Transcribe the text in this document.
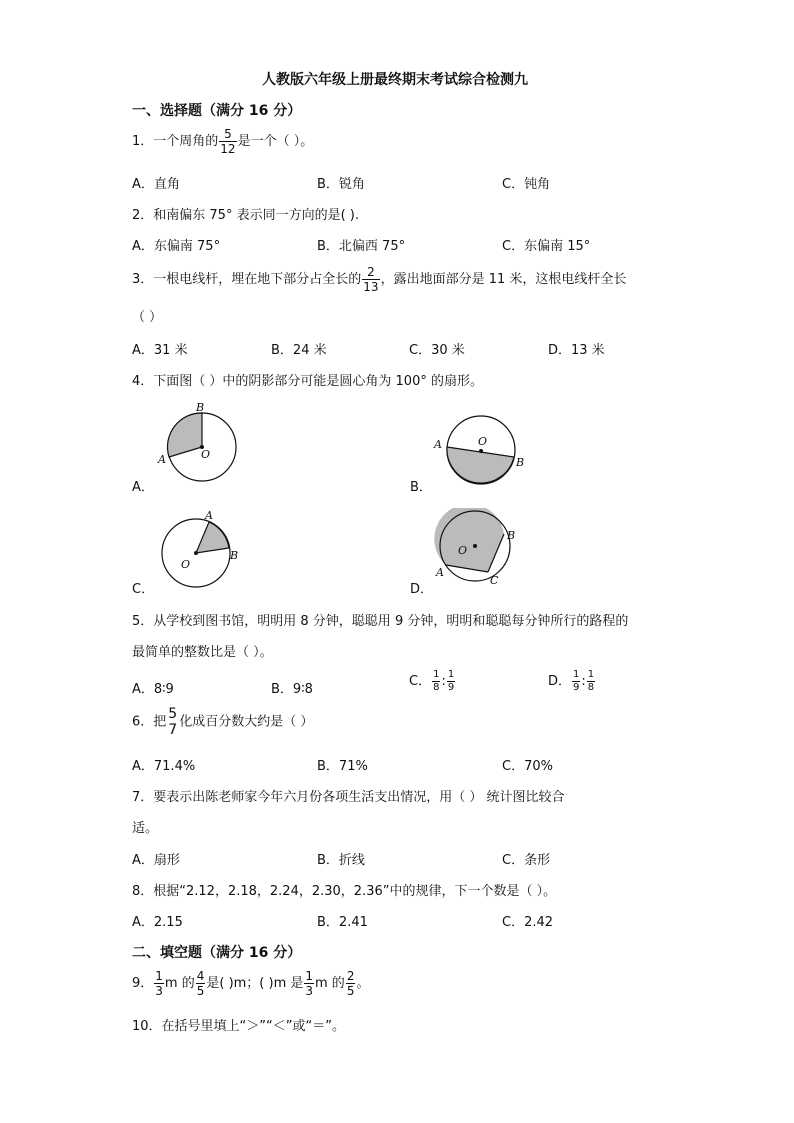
人教版六年级上册最终期末考试综合检测九
一、选择题（满分 16 分）
1．一个周角的 $\frac{5}{12}$ 是一个（ ）。
A．直角	B．锐角	C．钝角
2．和南偏东 75° 表示同一方向的是( ).
A．东偏南 75°	B．北偏西 75°	C．东偏南 15°
3．一根电线杆，埋在地下部分占全长的 $\frac{2}{13}$ ，露出地面部分是 11 米，这根电线杆全长
（ ）
A．31 米	B．24 米	C．30 米	D．13 米
4．下面图（ ）中的阴影部分可能是圆心角为 100° 的扇形。
B
A	O
A．
A	O
B
B．
A
B
O
C．
O
B
A
C
D．
5．从学校到图书馆，明明用 8 分钟，聪聪用 9 分钟，明明和聪聪每分钟所行的路程的
最简单的整数比是（ ）。
A．8∶9	B．9∶8
C． $\frac{1}{8}$ : $\frac{1}{9}$	D． $\frac{1}{9}$ : $\frac{1}{8}$
6．把 5
7 化成百分数大约是（ ）
A．71.4%	B．71%	C．70%
7．要表示出陈老师家今年六月份各项生活支出情况，用（ ） 统计图比较合
适。
A．扇形	B．折线	C．条形
8．根据“2.12，2.18，2.24，2.30，2.36”中的规律，下一个数是（ ）。
A．2.15	B．2.41	C．2.42
二、填空题（满分 16 分）
9． $\frac{1}{3}$ m 的 $\frac{4}{5}$ 是( )m；( )m 是 $\frac{1}{3}$ m 的 $\frac{2}{5}$ 。
10．在括号里填上“＞”“＜”或“＝”。
